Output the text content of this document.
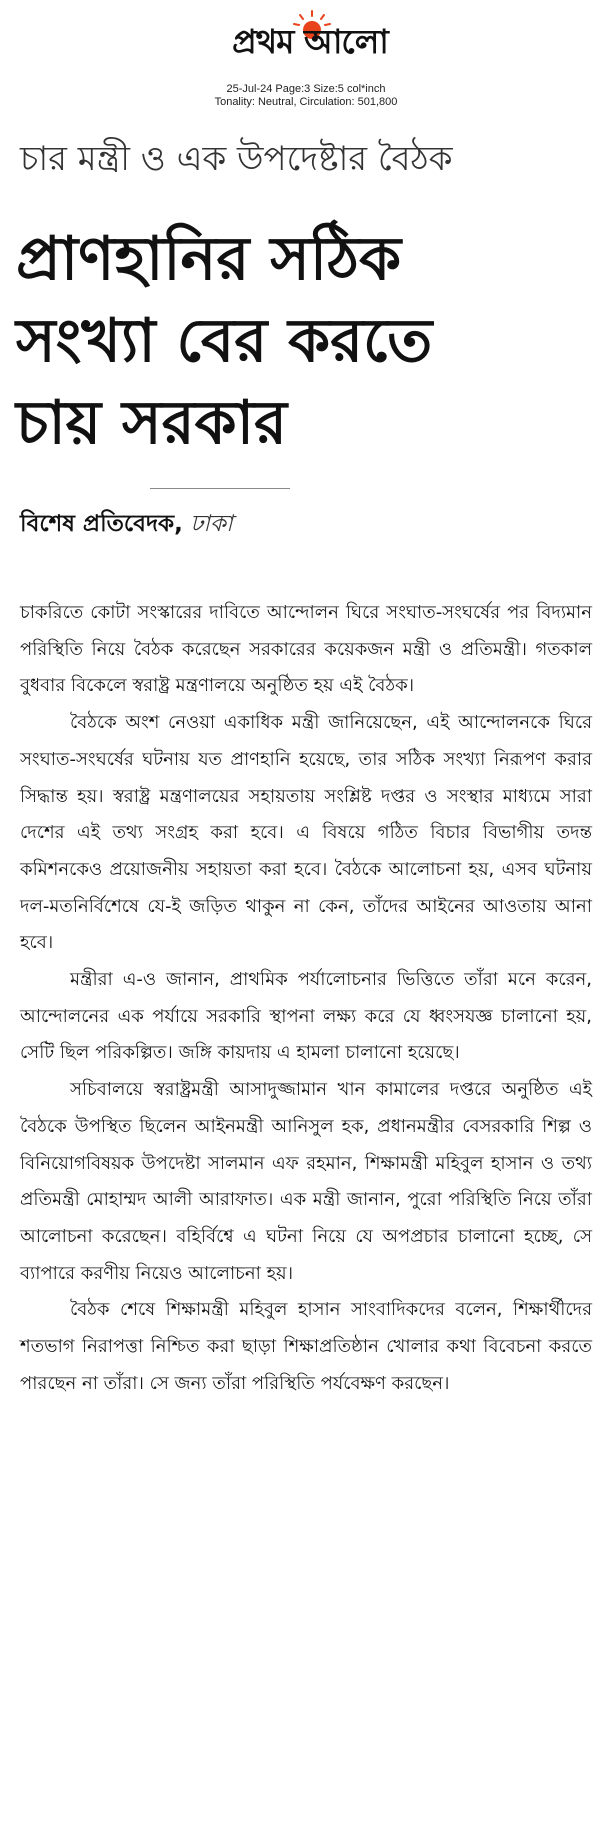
প্রথম আলো
25-Jul-24 Page:3 Size:5 col*inch
Tonality: Neutral, Circulation: 501,800
চার মন্ত্রী ও এক উপদেষ্টার বৈঠক
প্রাণহানির সঠিক
সংখ্যা বের করতে
চায় সরকার
বিশেষ প্রতিবেদক, ঢাকা

চাকরিতে কোটা সংস্কারের দাবিতে আন্দোলন ঘিরে সংঘাত-সংঘর্ষের পর বিদ্যমান পরিস্থিতি নিয়ে বৈঠক করেছেন সরকারের কয়েকজন মন্ত্রী ও প্রতিমন্ত্রী। গতকাল বুধবার বিকেলে স্বরাষ্ট্র মন্ত্রণালয়ে অনুষ্ঠিত হয় এই বৈঠক।

বৈঠকে অংশ নেওয়া একাধিক মন্ত্রী জানিয়েছেন, এই আন্দোলনকে ঘিরে সংঘাত-সংঘর্ষের ঘটনায় যত প্রাণহানি হয়েছে, তার সঠিক সংখ্যা নিরূপণ করার সিদ্ধান্ত হয়। স্বরাষ্ট্র মন্ত্রণালয়ের সহায়তায় সংশ্লিষ্ট দপ্তর ও সংস্থার মাধ্যমে সারা দেশের এই তথ্য সংগ্রহ করা হবে। এ বিষয়ে গঠিত বিচার বিভাগীয় তদন্ত কমিশনকেও প্রয়োজনীয় সহায়তা করা হবে। বৈঠকে আলোচনা হয়, এসব ঘটনায় দল-মতনির্বিশেষে যে-ই জড়িত থাকুন না কেন, তাঁদের আইনের আওতায় আনা হবে।

মন্ত্রীরা এ-ও জানান, প্রাথমিক পর্যালোচনার ভিত্তিতে তাঁরা মনে করেন, আন্দোলনের এক পর্যায়ে সরকারি স্থাপনা লক্ষ্য করে যে ধ্বংসযজ্ঞ চালানো হয়, সেটি ছিল পরিকল্পিত। জঙ্গি কায়দায় এ হামলা চালানো হয়েছে।

সচিবালয়ে স্বরাষ্ট্রমন্ত্রী আসাদুজ্জামান খান কামালের দপ্তরে অনুষ্ঠিত এই বৈঠকে উপস্থিত ছিলেন আইনমন্ত্রী আনিসুল হক, প্রধানমন্ত্রীর বেসরকারি শিল্প ও বিনিয়োগবিষয়ক উপদেষ্টা সালমান এফ রহমান, শিক্ষামন্ত্রী মহিবুল হাসান ও তথ্য প্রতিমন্ত্রী মোহাম্মদ আলী আরাফাত। এক মন্ত্রী জানান, পুরো পরিস্থিতি নিয়ে তাঁরা আলোচনা করেছেন। বহির্বিশ্বে এ ঘটনা নিয়ে যে অপপ্রচার চালানো হচ্ছে, সে ব্যাপারে করণীয় নিয়েও আলোচনা হয়।

বৈঠক শেষে শিক্ষামন্ত্রী মহিবুল হাসান সাংবাদিকদের বলেন, শিক্ষার্থীদের শতভাগ নিরাপত্তা নিশ্চিত করা ছাড়া শিক্ষাপ্রতিষ্ঠান খোলার কথা বিবেচনা করতে পারছেন না তাঁরা। সে জন্য তাঁরা পরিস্থিতি পর্যবেক্ষণ করছেন।
